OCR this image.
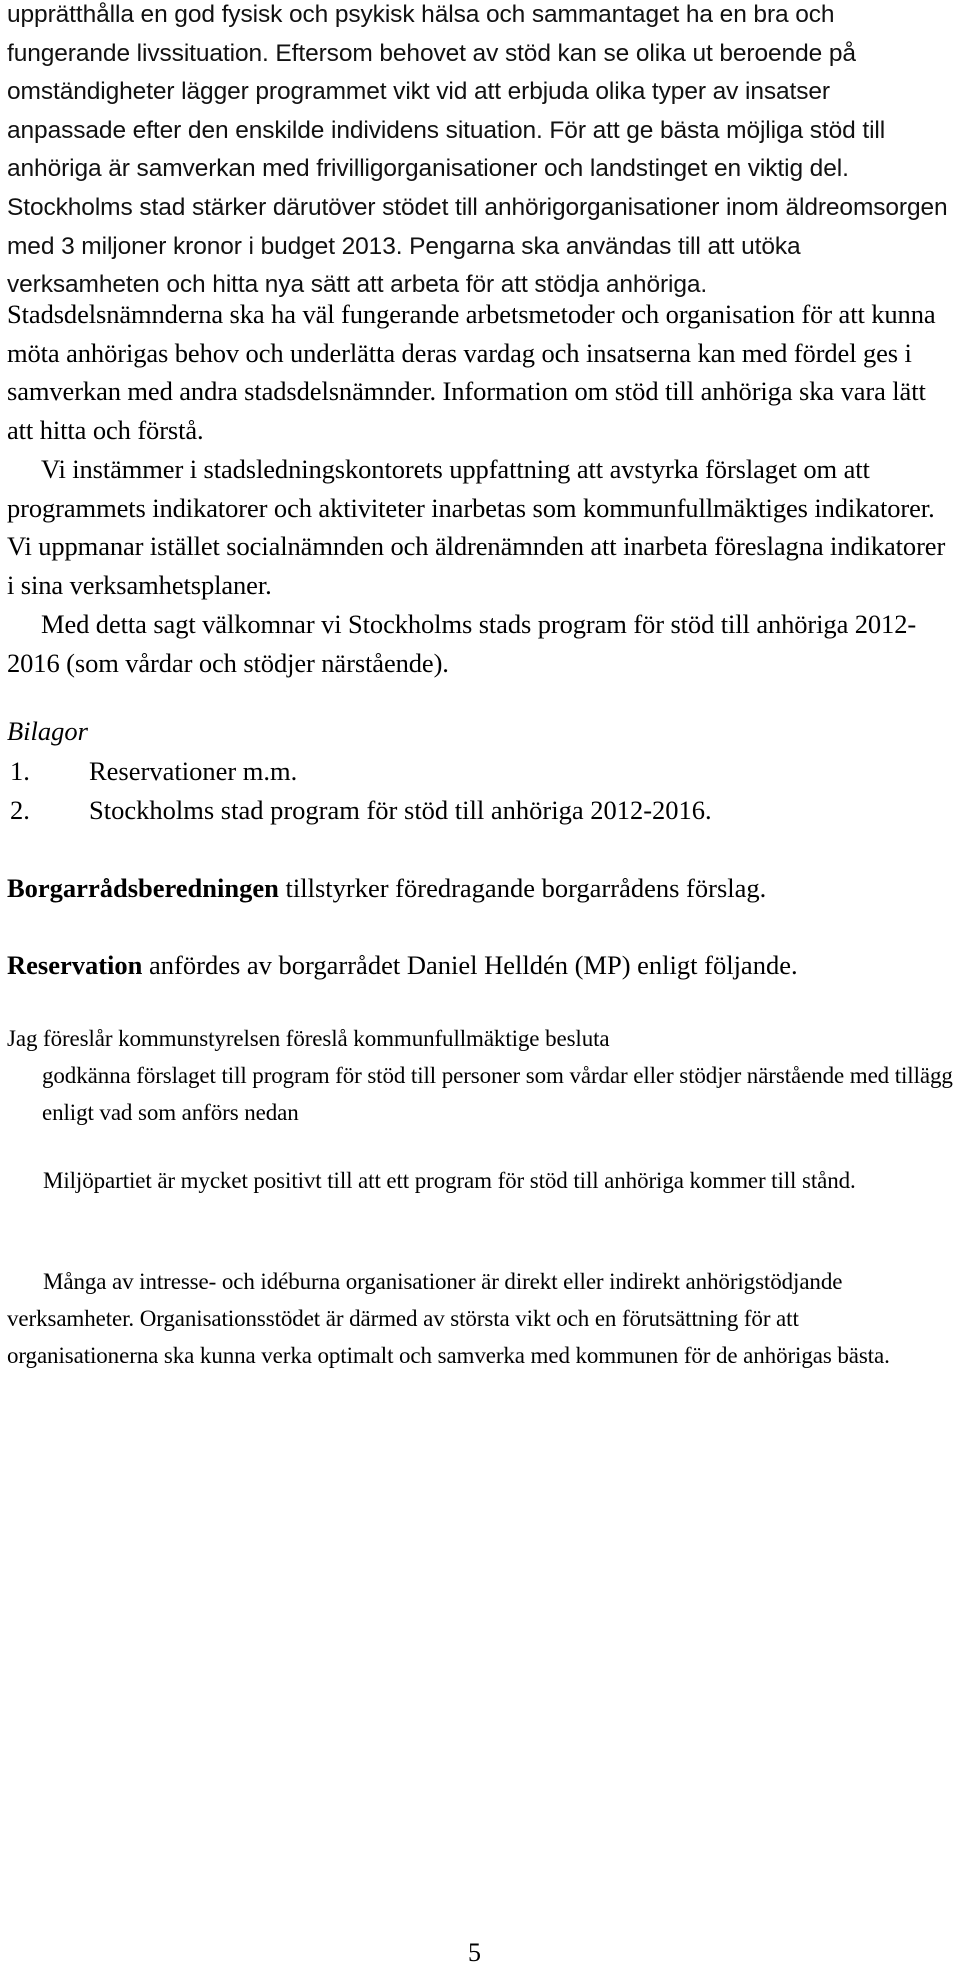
upprätthålla en god fysisk och psykisk hälsa och sammantaget ha en bra och fungerande livssituation. Eftersom behovet av stöd kan se olika ut beroende på omständigheter lägger programmet vikt vid att erbjuda olika typer av insatser anpassade efter den enskilde individens situation. För att ge bästa möjliga stöd till anhöriga är samverkan med frivilligorganisationer och landstinget en viktig del. Stockholms stad stärker därutöver stödet till anhörigorganisationer inom äldreomsorgen med 3 miljoner kronor i budget 2013. Pengarna ska användas till att utöka verksamheten och hitta nya sätt att arbeta för att stödja anhöriga.

Stadsdelsnämnderna ska ha väl fungerande arbetsmetoder och organisation för att kunna möta anhörigas behov och underlätta deras vardag och insatserna kan med fördel ges i samverkan med andra stadsdelsnämnder. Information om stöd till anhöriga ska vara lätt att hitta och förstå.

Vi instämmer i stadsledningskontorets uppfattning att avstyrka förslaget om att programmets indikatorer och aktiviteter inarbetas som kommunfullmäktiges indikatorer. Vi uppmanar istället socialnämnden och äldrenämnden att inarbeta föreslagna indikatorer i sina verksamhetsplaner.

Med detta sagt välkomnar vi Stockholms stads program för stöd till anhöriga 2012-2016 (som vårdar och stödjer närstående).

Bilagor
1.	Reservationer m.m.
2.	Stockholms stad program för stöd till anhöriga 2012-2016.
Borgarrådsberedningen tillstyrker föredragande borgarrådens förslag.
Reservation anfördes av borgarrådet Daniel Helldén (MP) enligt följande.

Jag föreslår kommunstyrelsen föreslå kommunfullmäktige besluta

godkänna förslaget till program för stöd till personer som vårdar eller stödjer närstående med tillägg enligt vad som anförs nedan

Miljöpartiet är mycket positivt till att ett program för stöd till anhöriga kommer till stånd.

Många av intresse- och idéburna organisationer är direkt eller indirekt anhörigstödjande verksamheter. Organisationsstödet är därmed av största vikt och en förutsättning för att organisationerna ska kunna verka optimalt och samverka med kommunen för de anhörigas bästa.

5
